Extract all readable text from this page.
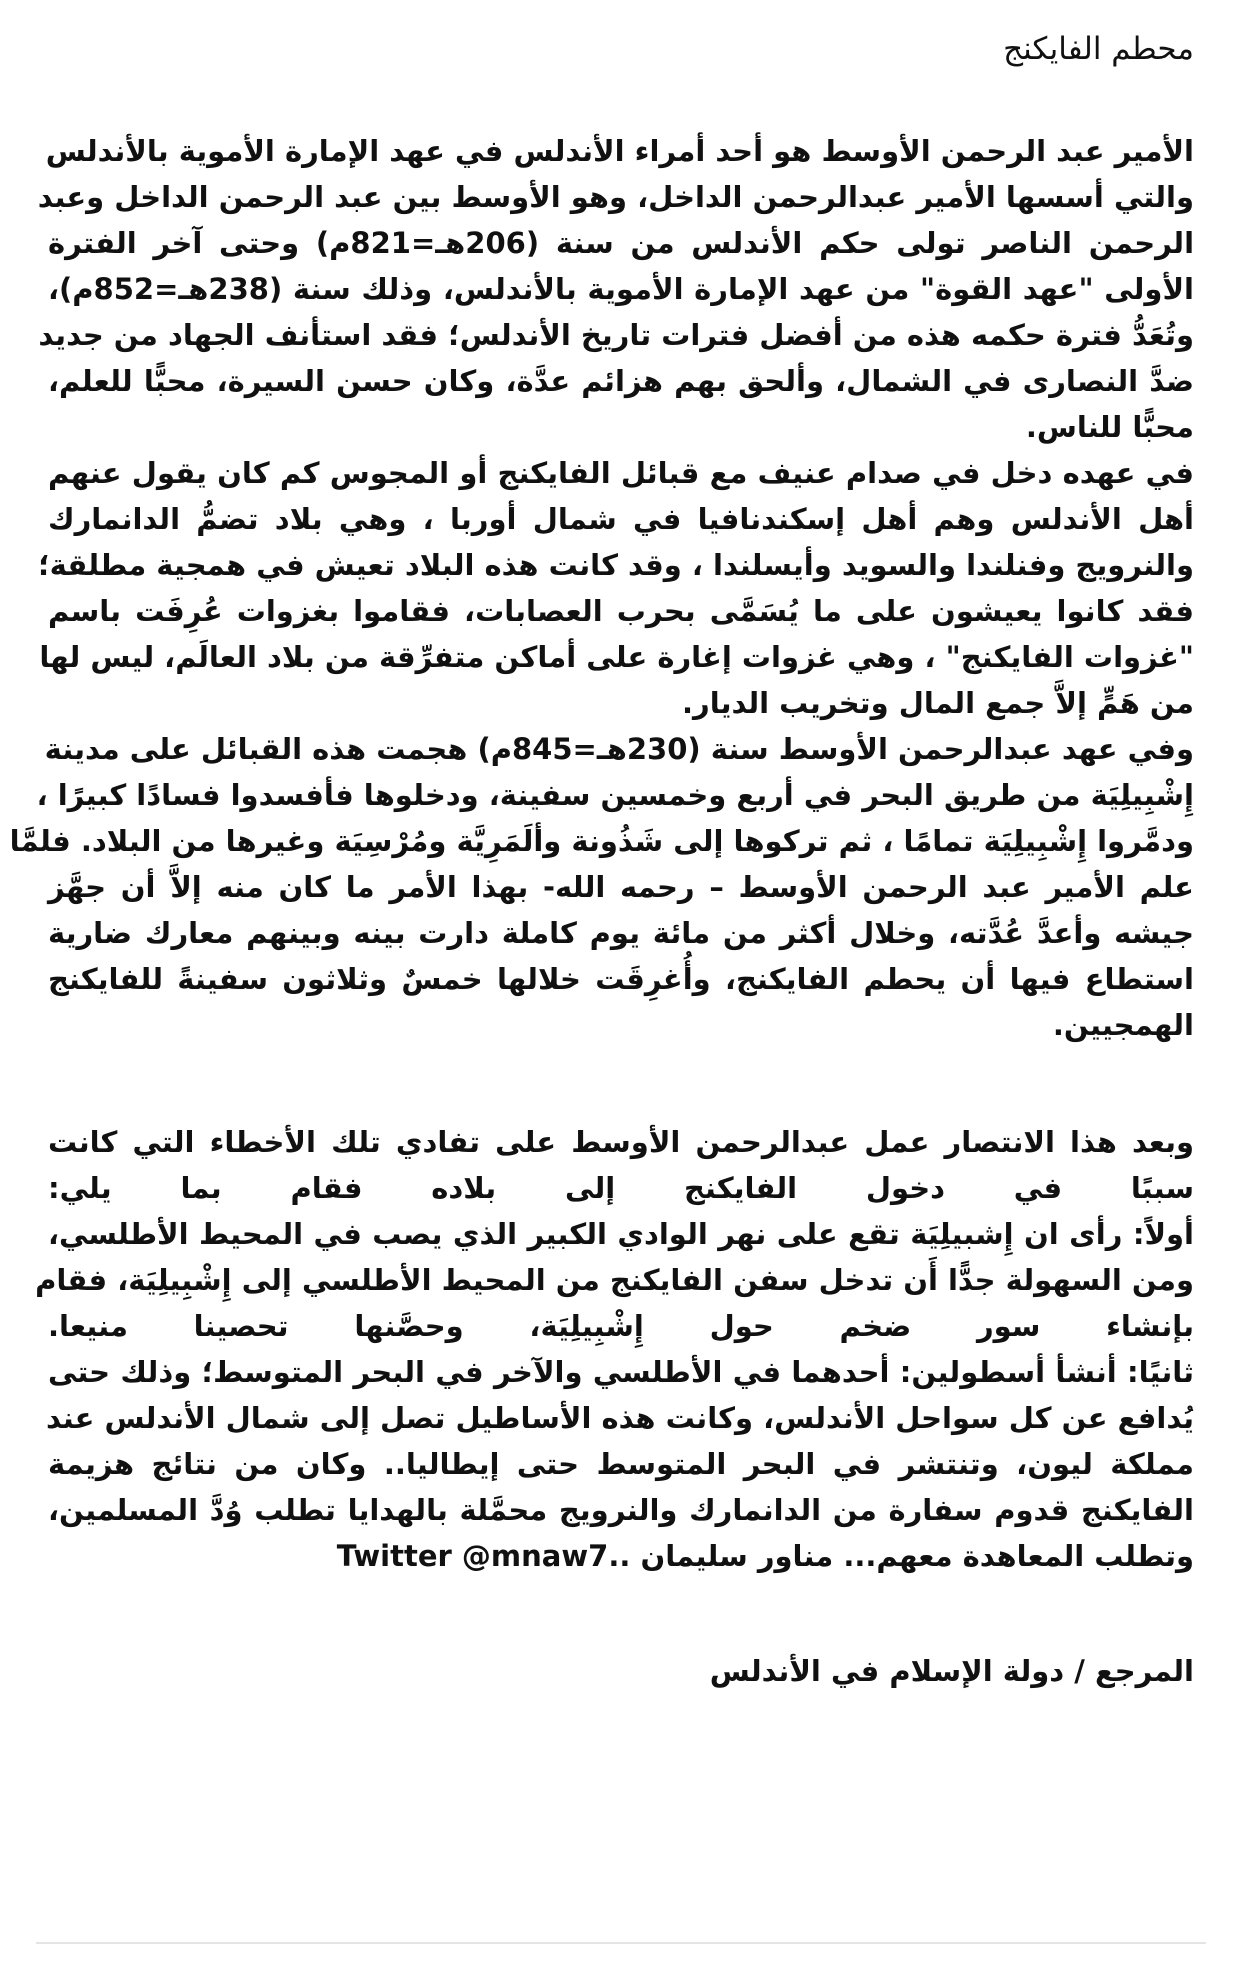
محطم الفايكنج
الأمير عبد الرحمن الأوسط هو أحد أمراء الأندلس في عهد الإمارة الأموية بالأندلس
والتي أسسها الأمير عبدالرحمن الداخل، وهو الأوسط بين عبد الرحمن الداخل وعبد
الرحمن الناصر تولى حكم الأندلس من سنة (206هـ=821م) وحتى آخر الفترة
الأولى "عهد القوة" من عهد الإمارة الأموية بالأندلس، وذلك سنة (238هـ=852م)،
وتُعَدُّ فترة حكمه هذه من أفضل فترات تاريخ الأندلس؛ فقد استأنف الجهاد من جديد
ضدَّ النصارى في الشمال، وألحق بهم هزائم عدَّة، وكان حسن السيرة، محبًّا للعلم،
محبًّا للناس.
في عهده دخل في صدام عنيف مع قبائل الفايكنج أو المجوس كم كان يقول عنهم
أهل الأندلس وهم أهل إسكندنافيا في شمال أوربا ، وهي بلاد تضمُّ الدانمارك
والنرويج وفنلندا والسويد وأيسلندا ، وقد كانت هذه البلاد تعيش في همجية مطلقة؛
فقد كانوا يعيشون على ما يُسَمَّى بحرب العصابات، فقاموا بغزوات عُرِفَت باسم
"غزوات الفايكنج" ، وهي غزوات إغارة على أماكن متفرِّقة من بلاد العالَم، ليس لها
من هَمٍّ إلاَّ جمع المال وتخريب الديار.
وفي عهد عبدالرحمن الأوسط سنة (230هـ=845م) هجمت هذه القبائل على مدينة
إِشْبِيلِيَة من طريق البحر في أربع وخمسين سفينة، ودخلوها فأفسدوا فسادًا كبيرًا ،
ودمَّروا إِشْبِيلِيَة تمامًا ، ثم تركوها إلى شَذُونة وألَمَرِيَّة ومُرْسِيَة وغيرها من البلاد. فلمَّا
علم الأمير عبد الرحمن الأوسط – رحمه الله- بهذا الأمر ما كان منه إلاَّ أن جهَّز
جيشه وأعدَّ عُدَّته، وخلال أكثر من مائة يوم كاملة دارت بينه وبينهم معارك ضارية
استطاع فيها أن يحطم الفايكنج، وأُغرِقَت خلالها خمسٌ وثلاثون سفينةً للفايكنج
الهمجيين.
وبعد هذا الانتصار عمل عبدالرحمن الأوسط على تفادي تلك الأخطاء التي كانت
سببًا في دخول الفايكنج إلى بلاده فقام بما يلي:
أولاً: رأى ان إِشبيلِيَة تقع على نهر الوادي الكبير الذي يصب في المحيط الأطلسي،
ومن السهولة جدًّا أَن تدخل سفن الفايكنج من المحيط الأطلسي إلى إِشْبِيلِيَة، فقام
بإنشاء سور ضخم حول إِشْبِيلِيَة، وحصَّنها تحصينا منيعا.
ثانيًا: أنشأ أسطولين: أحدهما في الأطلسي والآخر في البحر المتوسط؛ وذلك حتى
يُدافع عن كل سواحل الأندلس، وكانت هذه الأساطيل تصل إلى شمال الأندلس عند
مملكة ليون، وتنتشر في البحر المتوسط حتى إيطاليا.. وكان من نتائج هزيمة
الفايكنج قدوم سفارة من الدانمارك والنرويج محمَّلة بالهدايا تطلب وُدَّ المسلمين،
وتطلب المعاهدة معهم... مناور سليمان ..Twitter @mnaw7
المرجع / دولة الإسلام في الأندلس
